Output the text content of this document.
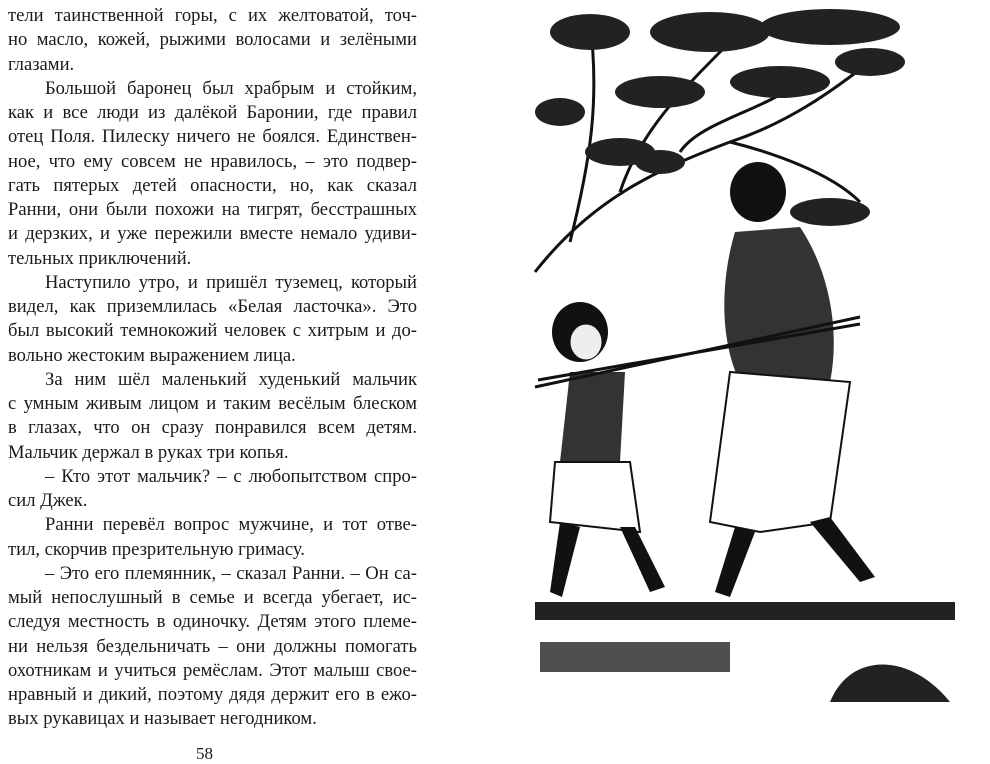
тели таинственной горы, с их желтоватой, точ-
но масло, кожей, рыжими волосами и зелёными
глазами.
Большой баронец был храбрым и стойким,
как и все люди из далёкой Баронии, где правил
отец Поля. Пилеску ничего не боялся. Единствен-
ное, что ему совсем не нравилось, – это подвер-
гать пятерых детей опасности, но, как сказал
Ранни, они были похожи на тигрят, бесстрашных
и дерзких, и уже пережили вместе немало удиви-
тельных приключений.
Наступило утро, и пришёл туземец, который
видел, как приземлилась «Белая ласточка». Это
был высокий темнокожий человек с хитрым и до-
вольно жестоким выражением лица.
За ним шёл маленький худенький мальчик
с умным живым лицом и таким весёлым блеском
в глазах, что он сразу понравился всем детям.
Мальчик держал в руках три копья.
– Кто этот мальчик? – с любопытством спро-
сил Джек.
Ранни перевёл вопрос мужчине, и тот отве-
тил, скорчив презрительную гримасу.
– Это его племянник, – сказал Ранни. – Он са-
мый непослушный в семье и всегда убегает, ис-
следуя местность в одиночку. Детям этого племе-
ни нельзя бездельничать – они должны помогать
охотникам и учиться ремёслам. Этот малыш свое-
нравный и дикий, поэтому дядя держит его в ежо-
вых рукавицах и называет негодником.
58
